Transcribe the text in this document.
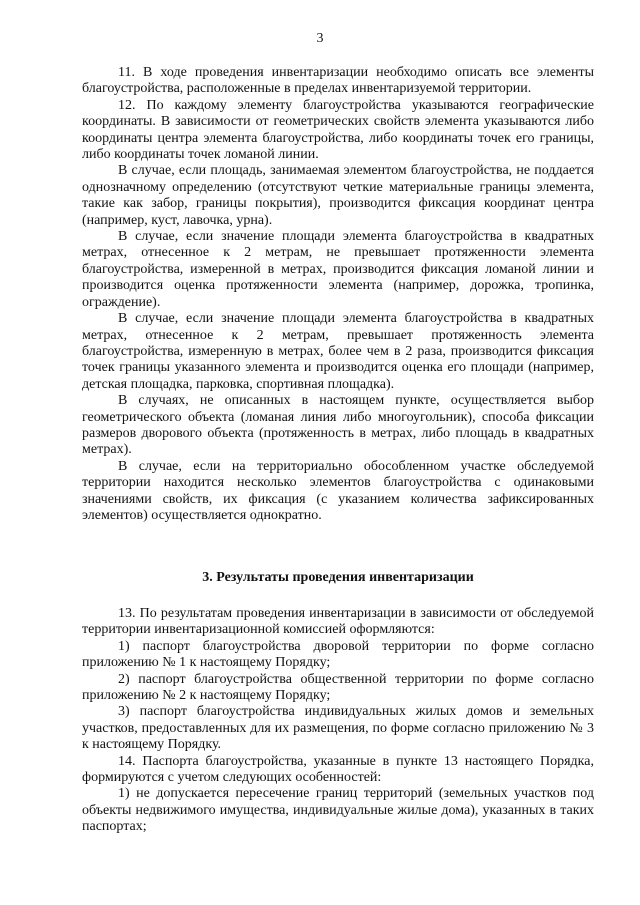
3

11. В ходе проведения инвентаризации необходимо описать все элементы благоустройства, расположенные в пределах инвентаризуемой территории.

12. По каждому элементу благоустройства указываются географические координаты. В зависимости от геометрических свойств элемента указываются либо координаты центра элемента благоустройства, либо координаты точек его границы, либо координаты точек ломаной линии.

В случае, если площадь, занимаемая элементом благоустройства, не поддается однозначному определению (отсутствуют четкие материальные границы элемента, такие как забор, границы покрытия), производится фиксация координат центра (например, куст, лавочка, урна).

В случае, если значение площади элемента благоустройства в квадратных метрах, отнесенное к 2 метрам, не превышает протяженности элемента благоустройства, измеренной в метрах, производится фиксация ломаной линии и производится оценка протяженности элемента (например, дорожка, тропинка, ограждение).

В случае, если значение площади элемента благоустройства в квадратных метрах, отнесенное к 2 метрам, превышает протяженность элемента благоустройства, измеренную в метрах, более чем в 2 раза, производится фиксация точек границы указанного элемента и производится оценка его площади (например, детская площадка, парковка, спортивная площадка).

В случаях, не описанных в настоящем пункте, осуществляется выбор геометрического объекта (ломаная линия либо многоугольник), способа фиксации размеров дворового объекта (протяженность в метрах, либо площадь в квадратных метрах).

В случае, если на территориально обособленном участке обследуемой территории находится несколько элементов благоустройства с одинаковыми значениями свойств, их фиксация (с указанием количества зафиксированных элементов) осуществляется однократно.

3. Результаты проведения инвентаризации

13. По результатам проведения инвентаризации в зависимости от обследуемой территории инвентаризационной комиссией оформляются:

1) паспорт благоустройства дворовой территории по форме согласно приложению № 1 к настоящему Порядку;

2) паспорт благоустройства общественной территории по форме согласно приложению № 2 к настоящему Порядку;

3) паспорт благоустройства индивидуальных жилых домов и земельных участков, предоставленных для их размещения, по форме согласно приложению № 3 к настоящему Порядку.

14. Паспорта благоустройства, указанные в пункте 13 настоящего Порядка, формируются с учетом следующих особенностей:

1) не допускается пересечение границ территорий (земельных участков под объекты недвижимого имущества, индивидуальные жилые дома), указанных в таких паспортах;
